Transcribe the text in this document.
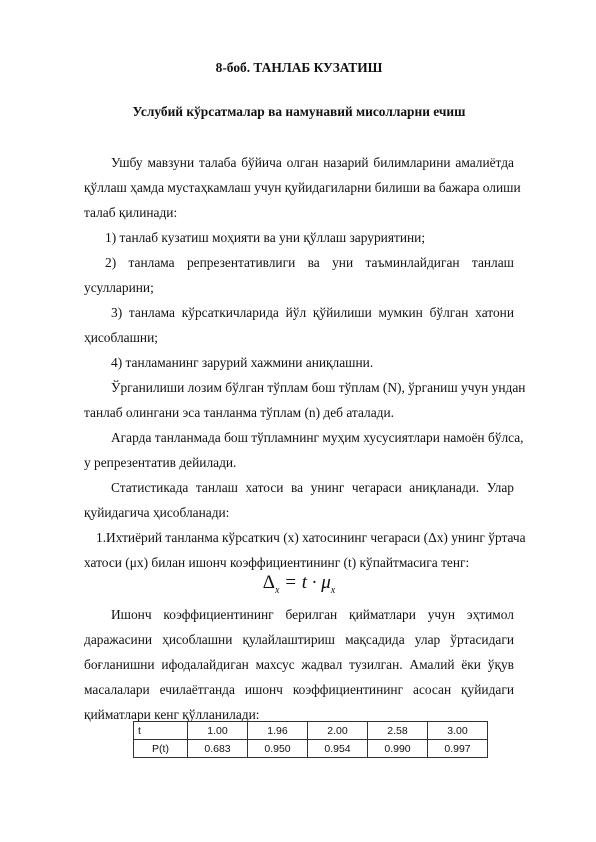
8-боб. ТАНЛАБ КУЗАТИШ
Услубий кўрсатмалар ва намунавий мисолларни ечиш
Ушбу мавзуни талаба бўйича олган назарий билимларини амалиётда
қўллаш ҳамда мустаҳкамлаш учун қуйидагиларни билиши ва бажара олиши
талаб қилинади:
1) танлаб кузатиш моҳияти ва уни қўллаш заруриятини;
2) танлама репрезентативлиги ва уни таъминлайдиган танлаш
усулларини;
3) танлама кўрсаткичларида йўл қўйилиши мумкин бўлган хатони
ҳисоблашни;
4) танламанинг зарурий хажмини аниқлашни.
Ўрганилиши лозим бўлган тўплам бош тўплам (N), ўрганиш учун ундан
танлаб олингани эса танланма тўплам (n) деб аталади.
Агарда танланмада бош тўпламнинг муҳим хусусиятлари намоён бўлса,
у репрезентатив дейилади.
Статистикада танлаш хатоси ва унинг чегараси аниқланади. Улар
қуйидагича ҳисобланади:
1.Ихтиёрий танланма кўрсаткич (x) хатосининг чегараси (Δx) унинг ўртача
хатоси (μx) билан ишонч коэффициентининг (t) кўпайтмасига тенг:
$\Delta_x = t \cdot \mu_x$
Ишонч коэффициентининг берилган қийматлари учун эҳтимол
даражасини ҳисоблашни қулайлаштириш мақсадида улар ўртасидаги
боғланишни ифодалайдиган махсус жадвал тузилган. Амалий ёки ўқув
масалалари ечилаётганда ишонч коэффициентининг асосан қуйидаги
қийматлари кенг қўлланилади:
t	1.00	1.96	2.00	2.58	3.00
P(t)	0.683	0.950	0.954	0.990	0.997
